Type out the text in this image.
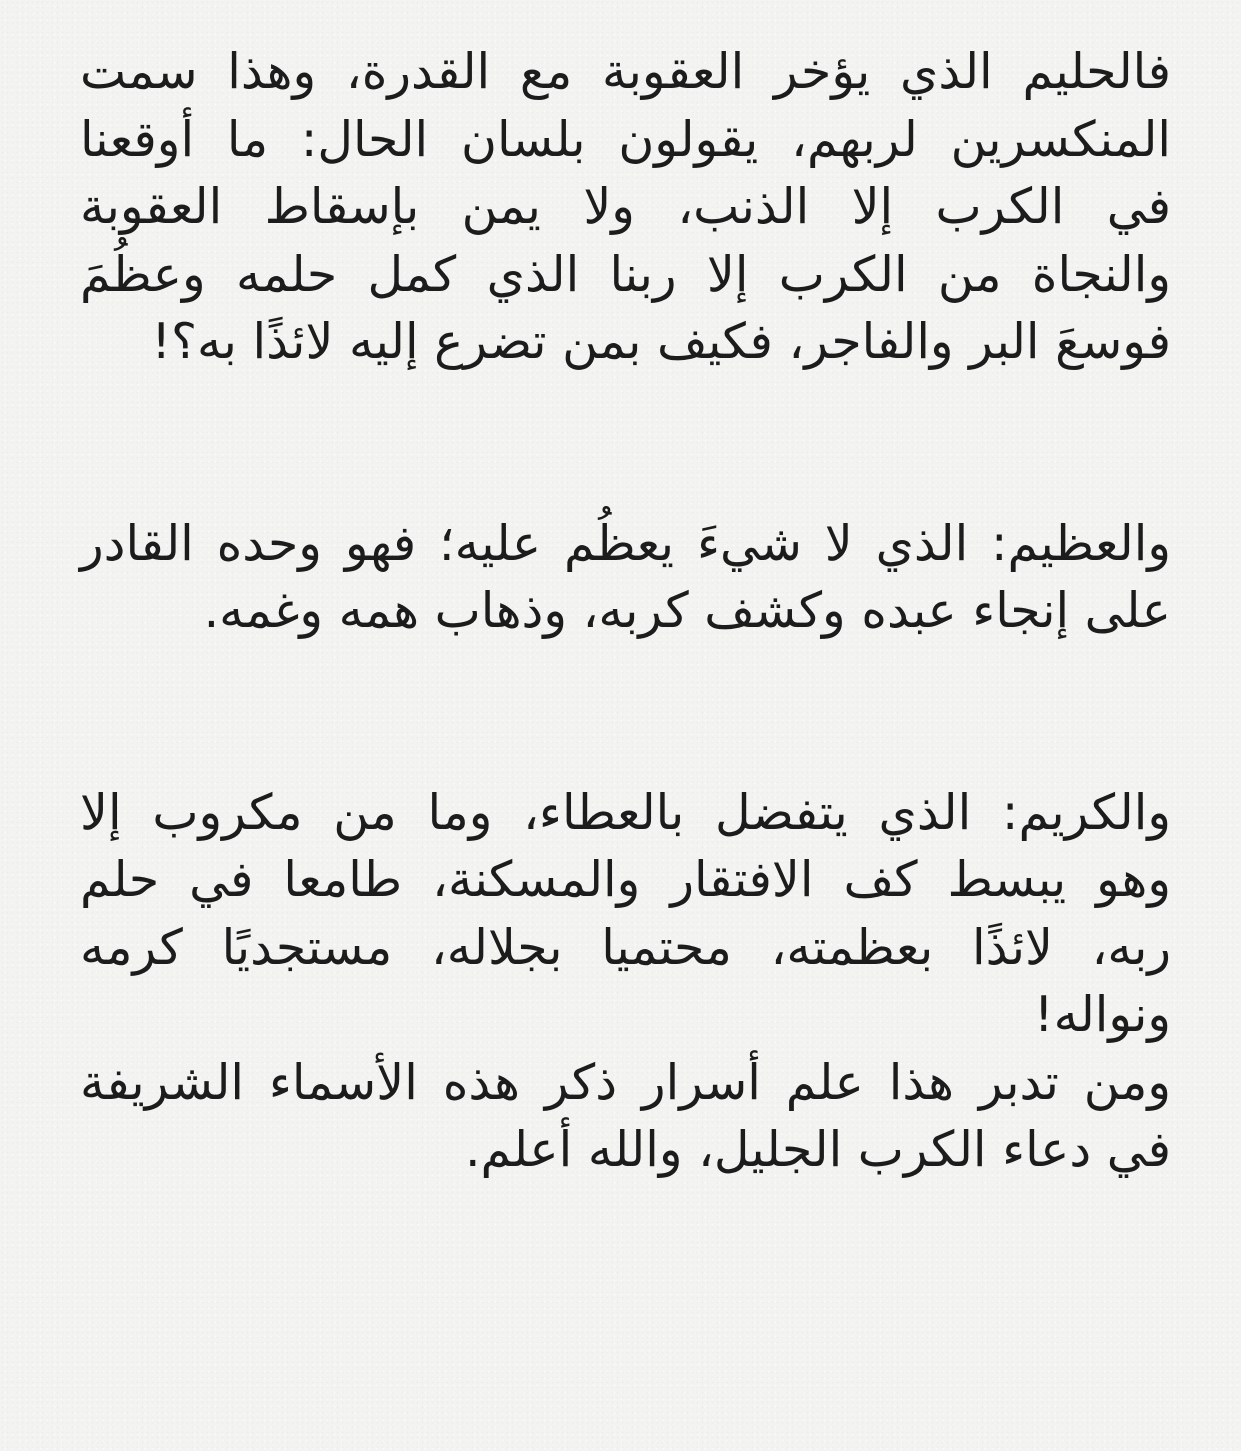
فالحليم الذي يؤخر العقوبة مع القدرة، وهذا سمت
المنكسرين لربهم، يقولون بلسان الحال: ما أوقعنا
في الكرب إلا الذنب، ولا يمن بإسقاط العقوبة
والنجاة من الكرب إلا ربنا الذي كمل حلمه وعظُمَ
فوسعَ البر والفاجر، فكيف بمن تضرع إليه لائذًا به؟!
والعظيم: الذي لا شيءَ يعظُم عليه؛ فهو وحده القادر
على إنجاء عبده وكشف كربه، وذهاب همه وغمه.
والكريم: الذي يتفضل بالعطاء، وما من مكروب إلا
وهو يبسط كف الافتقار والمسكنة، طامعا في حلم
ربه، لائذًا بعظمته، محتميا بجلاله، مستجديًا كرمه
ونواله!
ومن تدبر هذا علم أسرار ذكر هذه الأسماء الشريفة
في دعاء الكرب الجليل، والله أعلم.
